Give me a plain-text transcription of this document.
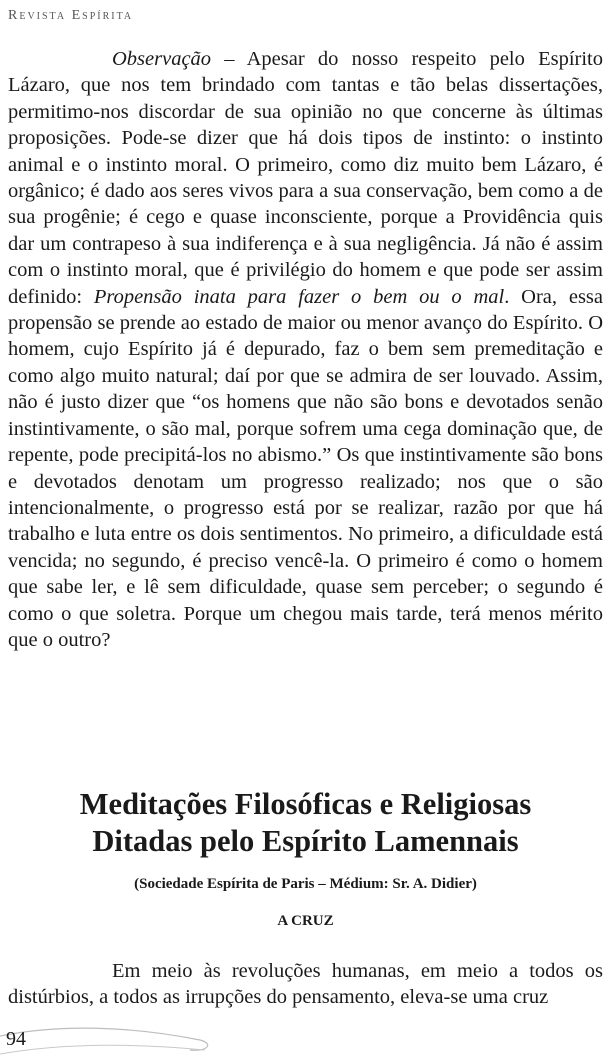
Revista Espírita

Observação – Apesar do nosso respeito pelo Espírito Lázaro, que nos tem brindado com tantas e tão belas dissertações, permitimo-nos discordar de sua opinião no que concerne às últimas proposições. Pode-se dizer que há dois tipos de instinto: o instinto animal e o instinto moral. O primeiro, como diz muito bem Lázaro, é orgânico; é dado aos seres vivos para a sua conservação, bem como a de sua progênie; é cego e quase inconsciente, porque a Providência quis dar um contrapeso à sua indiferença e à sua negligência. Já não é assim com o instinto moral, que é privilégio do homem e que pode ser assim definido: Propensão inata para fazer o bem ou o mal. Ora, essa propensão se prende ao estado de maior ou menor avanço do Espírito. O homem, cujo Espírito já é depurado, faz o bem sem premeditação e como algo muito natural; daí por que se admira de ser louvado. Assim, não é justo dizer que “os homens que não são bons e devotados senão instintivamente, o são mal, porque sofrem uma cega dominação que, de repente, pode precipitá-los no abismo.” Os que instintivamente são bons e devotados denotam um progresso realizado; nos que o são intencionalmente, o progresso está por se realizar, razão por que há trabalho e luta entre os dois sentimentos. No primeiro, a dificuldade está vencida; no segundo, é preciso vencê-la. O primeiro é como o homem que sabe ler, e lê sem dificuldade, quase sem perceber; o segundo é como o que soletra. Porque um chegou mais tarde, terá menos mérito que o outro?

Meditações Filosóficas e Religiosas
Ditadas pelo Espírito Lamennais
(Sociedade Espírita de Paris – Médium: Sr. A. Didier)
A CRUZ

Em meio às revoluções humanas, em meio a todos os distúrbios, a todos as irrupções do pensamento, eleva-se uma cruz

94
